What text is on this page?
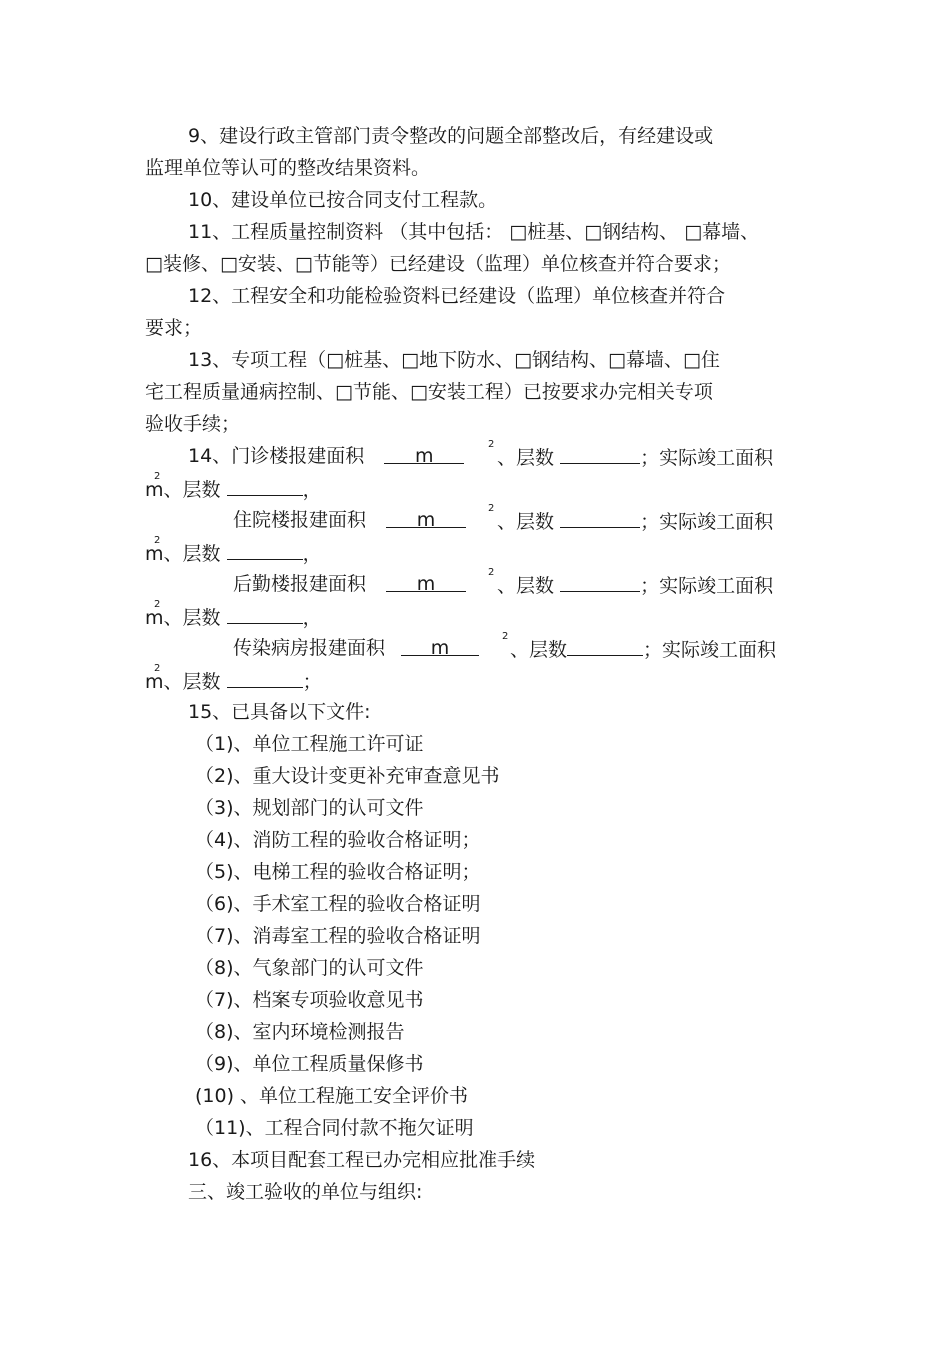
9、建设行政主管部门责令整改的问题全部整改后，有经建设或
监理单位等认可的整改结果资料。
10、建设单位已按合同支付工程款。
11、工程质量控制资料 （其中包括： □桩基、□钢结构、 □幕墙、
□装修、□安装、□节能等）已经建设（监理）单位核查并符合要求；
12、工程安全和功能检验资料已经建设（监理）单位核查并符合
要求；
13、专项工程（□桩基、□地下防水、□钢结构、□幕墙、□住
宅工程质量通病控制、□节能、□安装工程）已按要求办完相关专项
验收手续；
14、门诊楼报建面积	m
2
、层数	；实际竣工面积
m、层数	，
2
住院楼报建面积	m
2
、层数	；实际竣工面积
m、层数	，
2
后勤楼报建面积	m
2
、层数	；实际竣工面积
m、层数	，
2
传染病房报建面积 m
2
、层数	；实际竣工面积
m、层数	；
2
15、已具备以下文件:
（1)、单位工程施工许可证
（2)、重大设计变更补充审查意见书
（3)、规划部门的认可文件
（4)、消防工程的验收合格证明；
（5)、电梯工程的验收合格证明；
（6)、手术室工程的验收合格证明
（7)、消毒室工程的验收合格证明
（8)、气象部门的认可文件
（7)、档案专项验收意见书
（8)、室内环境检测报告
（9)、单位工程质量保修书
(10) 、单位工程施工安全评价书
（11)、工程合同付款不拖欠证明
16、本项目配套工程已办完相应批准手续
三、竣工验收的单位与组织:
